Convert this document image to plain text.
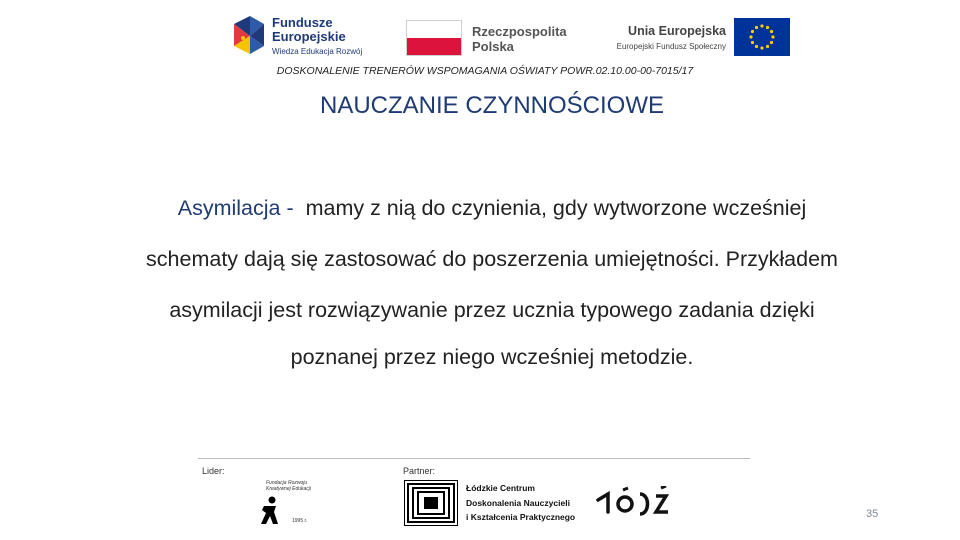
Fundusze
Europejskie
Wiedza Edukacja Rozwój
Rzeczpospolita
Polska
Unia Europejska
Europejski Fundusz Społeczny
DOSKONALENIE TRENERÓW WSPOMAGANIA OŚWIATY POWR.02.10.00-00-7015/17
NAUCZANIE CZYNNOŚCIOWE
Asymilacja -  mamy z nią do czynienia, gdy wytworzone wcześniej
schematy dają się zastosować do poszerzenia umiejętności. Przykładem
asymilacji jest rozwiązywanie przez ucznia typowego zadania dzięki
poznanej przez niego wcześniej metodzie.
Lider:	Partner:
Fundacja Rozwoju Kreatywnej Edukacji
1995 r.
Łódzkie Centrum
Doskonalenia Nauczycieli
i Kształcenia Praktycznego	35
